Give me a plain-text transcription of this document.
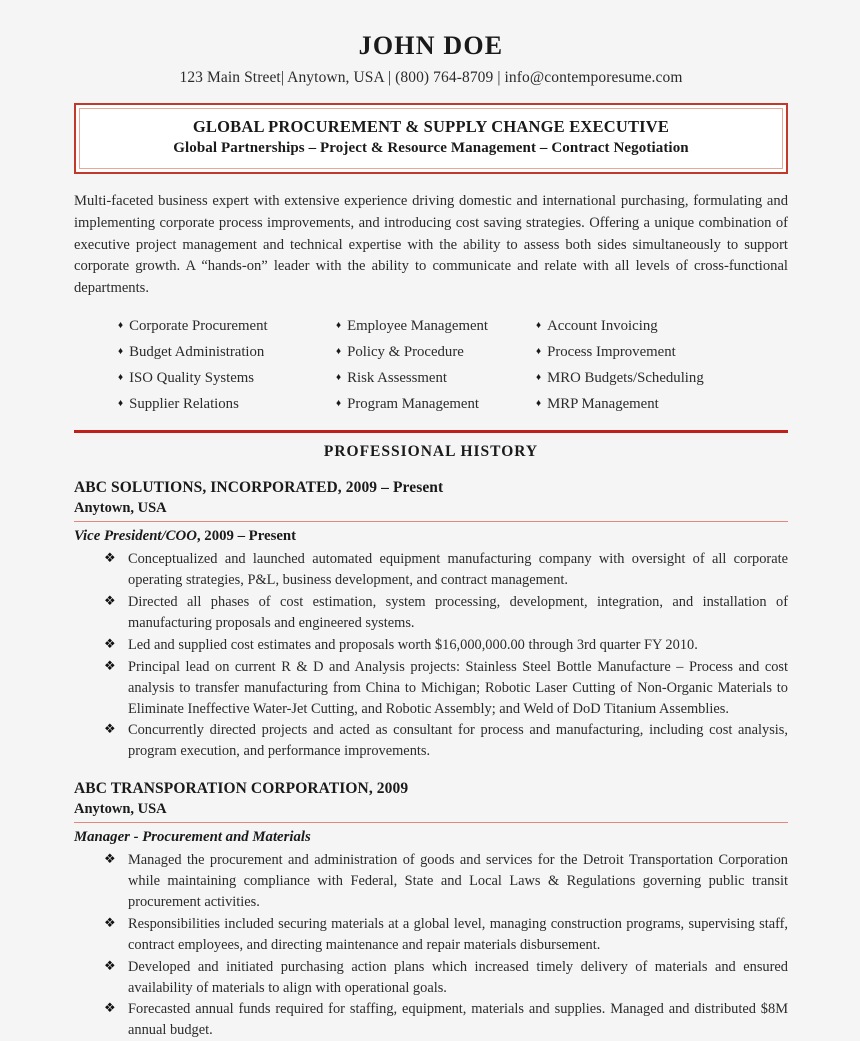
JOHN DOE
123 Main Street| Anytown, USA | (800) 764-8709 | info@contemporesume.com
GLOBAL PROCUREMENT & SUPPLY CHANGE EXECUTIVE
Global Partnerships – Project & Resource Management – Contract Negotiation
Multi-faceted business expert with extensive experience driving domestic and international purchasing, formulating and implementing corporate process improvements, and introducing cost saving strategies. Offering a unique combination of executive project management and technical expertise with the ability to assess both sides simultaneously to support corporate growth. A “hands-on” leader with the ability to communicate and relate with all levels of cross-functional departments.
♦ Corporate Procurement	♦ Employee Management	♦ Account Invoicing
♦ Budget Administration	♦ Policy & Procedure	♦ Process Improvement
♦ ISO Quality Systems	♦ Risk Assessment	♦ MRO Budgets/Scheduling
♦ Supplier Relations	♦ Program Management	♦ MRP Management
PROFESSIONAL HISTORY
ABC SOLUTIONS, INCORPORATED, 2009 – Present
Anytown, USA
Vice President/COO, 2009 – Present
❖ Conceptualized and launched automated equipment manufacturing company with oversight of all corporate operating strategies, P&L, business development, and contract management.
❖ Directed all phases of cost estimation, system processing, development, integration, and installation of manufacturing proposals and engineered systems.
❖ Led and supplied cost estimates and proposals worth $16,000,000.00 through 3rd quarter FY 2010.
❖ Principal lead on current R & D and Analysis projects: Stainless Steel Bottle Manufacture – Process and cost analysis to transfer manufacturing from China to Michigan; Robotic Laser Cutting of Non-Organic Materials to Eliminate Ineffective Water-Jet Cutting, and Robotic Assembly; and Weld of DoD Titanium Assemblies.
❖ Concurrently directed projects and acted as consultant for process and manufacturing, including cost analysis, program execution, and performance improvements.
ABC TRANSPORATION CORPORATION, 2009
Anytown, USA
Manager - Procurement and Materials
❖ Managed the procurement and administration of goods and services for the Detroit Transportation Corporation while maintaining compliance with Federal, State and Local Laws & Regulations governing public transit procurement activities.
❖ Responsibilities included securing materials at a global level, managing construction programs, supervising staff, contract employees, and directing maintenance and repair materials disbursement.
❖ Developed and initiated purchasing action plans which increased timely delivery of materials and ensured availability of materials to align with operational goals.
❖ Forecasted annual funds required for staffing, equipment, materials and supplies. Managed and distributed $8M annual budget.
